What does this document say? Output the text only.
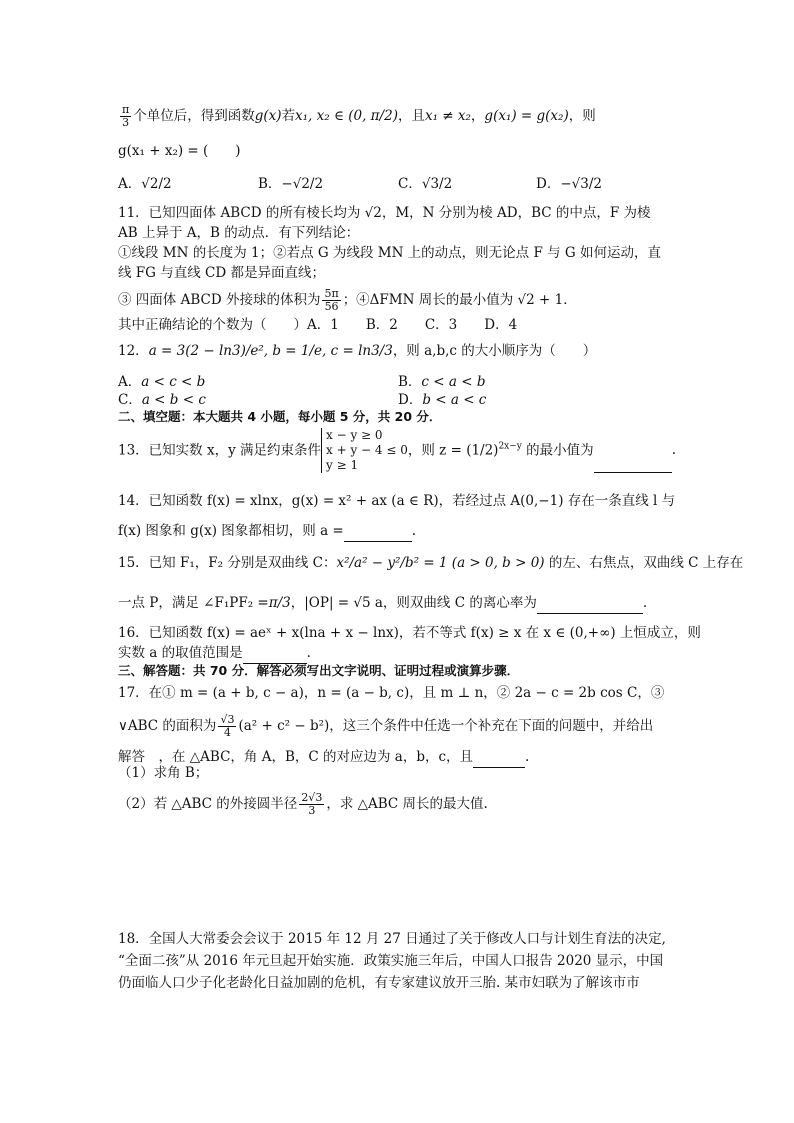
$\frac{\pi}{3}$ 个单位后，得到函数g(x)若x₁, x₂ ∈ (0, π/2)，且x₁ ≠ x₂，g(x₁) = g(x₂)，则
g(x₁ + x₂) = (　　)
A．√2/2	B．−√2/2	C．√3/2	D．−√3/2
11．已知四面体 ABCD 的所有棱长均为 √2，M，N 分别为棱 AD，BC 的中点，F 为棱
AB 上异于 A，B 的动点．有下列结论：
①线段 MN 的长度为 1；②若点 G 为线段 MN 上的动点，则无论点 F 与 G 如何运动，直
线 FG 与直线 CD 都是异面直线；
③ 四面体 ABCD 外接球的体积为 $\frac{5\pi}{56}$ ；④ΔFMN 周长的最小值为 √2 + 1．
其中正确结论的个数为（　　）A．1　　B．2　　C．3　　D．4
12．a = 3(2 − ln3)/e², b = 1/e, c = ln3/3，则 a,b,c 的大小顺序为（　　）
A．a < c < b	B．c < a < b
C．a < b < c	D．b < a < c
二、填空题：本大题共 4 小题，每小题 5 分，共 20 分．
13．已知实数 x，y 满足约束条件x − y ≥ 0
x + y − 4 ≤ 0
y ≥ 1，则 $z = (1/2)^{2x-y}$ 的最小值为	.
14．已知函数 f(x) = xlnx，g(x) = x² + ax (a ∈ R)，若经过点 A(0,−1) 存在一条直线 l 与
f(x) 图象和 g(x) 图象都相切，则 a =	.
15．已知 F₁，F₂ 分别是双曲线 C：x²/a² − y²/b² = 1 (a > 0, b > 0) 的左、右焦点，双曲线 C 上存在
一点 P，满足 ∠F₁PF₂ =π/3，|OP| = √5 a，则双曲线 C 的离心率为	.
16．已知函数 f(x) = aeˣ + x(lna + x − lnx)，若不等式 f(x) ≥ x 在 x ∈ (0,+∞) 上恒成立，则
实数 a 的取值范围是	.
三、解答题：共 70 分．解答必须写出文字说明、证明过程或演算步骤．
17．在① m = (a + b, c − a)，n = (a − b, c)，且 m ⊥ n，② 2a − c = 2b cos C，③
∨ABC 的面积为 $\frac{√3}{4} (a^2 + c^2 - b^2)$，这三个条件中任选一个补充在下面的问题中，并给出
解答　，在 △ABC，角 A，B，C 的对应边为 a，b，c，且	.
（1）求角 B；
（2）若 △ABC 的外接圆半径 $\frac{2√3}{3}$ ，求 △ABC 周长的最大值.
18．全国人大常委会会议于 2015 年 12 月 27 日通过了关于修改人口与计划生育法的决定,
“全面二孩”从 2016 年元旦起开始实施．政策实施三年后，中国人口报告 2020 显示，中国
仍面临人口少子化老龄化日益加剧的危机，有专家建议放开三胎. 某市妇联为了解该市市
